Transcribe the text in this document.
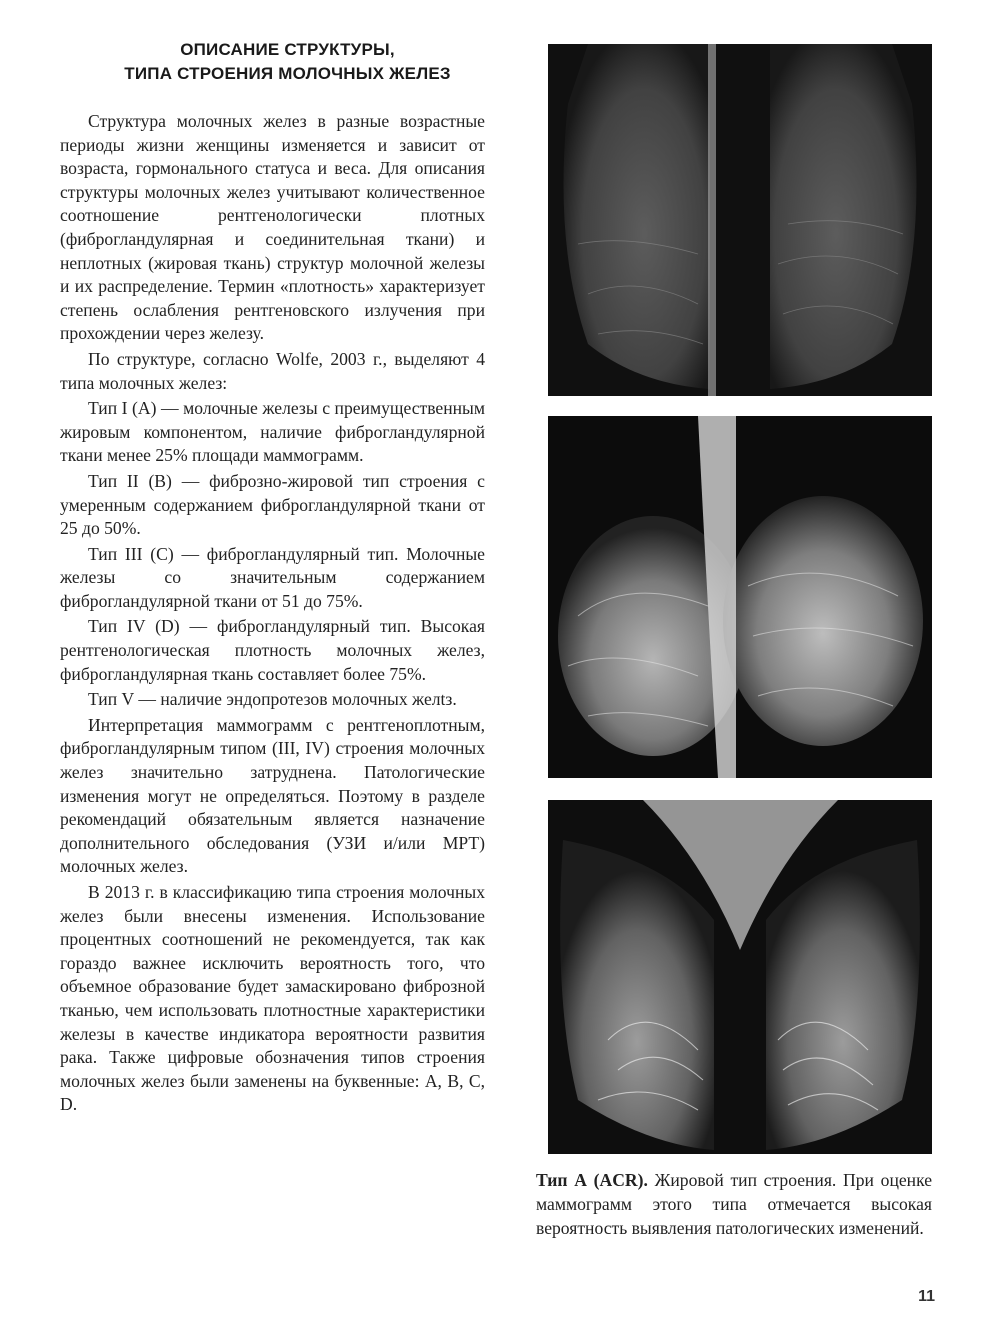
ОПИСАНИЕ СТРУКТУРЫ,
ТИПА СТРОЕНИЯ МОЛОЧНЫХ ЖЕЛЕЗ

Структура молочных желез в разные возрастные периоды жизни женщины изменяется и зависит от возраста, гормонального статуса и веса. Для описания структуры молочных желез учитывают количественное соотношение рентгенологически плотных (фиброгландулярная и соединительная ткани) и неплотных (жировая ткань) структур молочной железы и их распределение. Термин «плотность» характеризует степень ослабления рентгеновского излучения при прохождении через железу.

По структуре, согласно Wolfe, 2003 г., выделяют 4 типа молочных желез:

Тип I (A) — молочные железы с преимущественным жировым компонентом, наличие фиброгландулярной ткани менее 25% площади маммограмм.

Тип II (B) — фиброзно-жировой тип строения с умеренным содержанием фиброгландулярной ткани от 25 до 50%.

Тип III (C) — фиброгландулярный тип. Молочные железы со значительным содержанием фиброгландулярной ткани от 51 до 75%.

Тип IV (D) — фиброгландулярный тип. Высокая рентгенологическая плотность молочных желез, фиброгландулярная ткань составляет более 75%.

Тип V — наличие эндопротезов молочных желtз.

Интерпретация маммограмм с рентгеноплотным, фиброгландулярным типом (III, IV) строения молочных желез значительно затруднена. Патологические изменения могут не определяться. Поэтому в разделе рекомендаций обязательным является назначение дополнительного обследования (УЗИ и/или МРТ) молочных желез.

В 2013 г. в классификацию типа строения молочных желез были внесены изменения. Использование процентных соотношений не рекомендуется, так как гораздо важнее исключить вероятность того, что объемное образование будет замаскировано фиброзной тканью, чем использовать плотностные характеристики железы в качестве индикатора вероятности развития рака. Также цифровые обозначения типов строения молочных желез были заменены на буквенные: A, B, C, D.

Тип А (ACR). Жировой тип строения. При оценке маммограмм этого типа отмечается высокая вероятность выявления патологических изменений.

11
